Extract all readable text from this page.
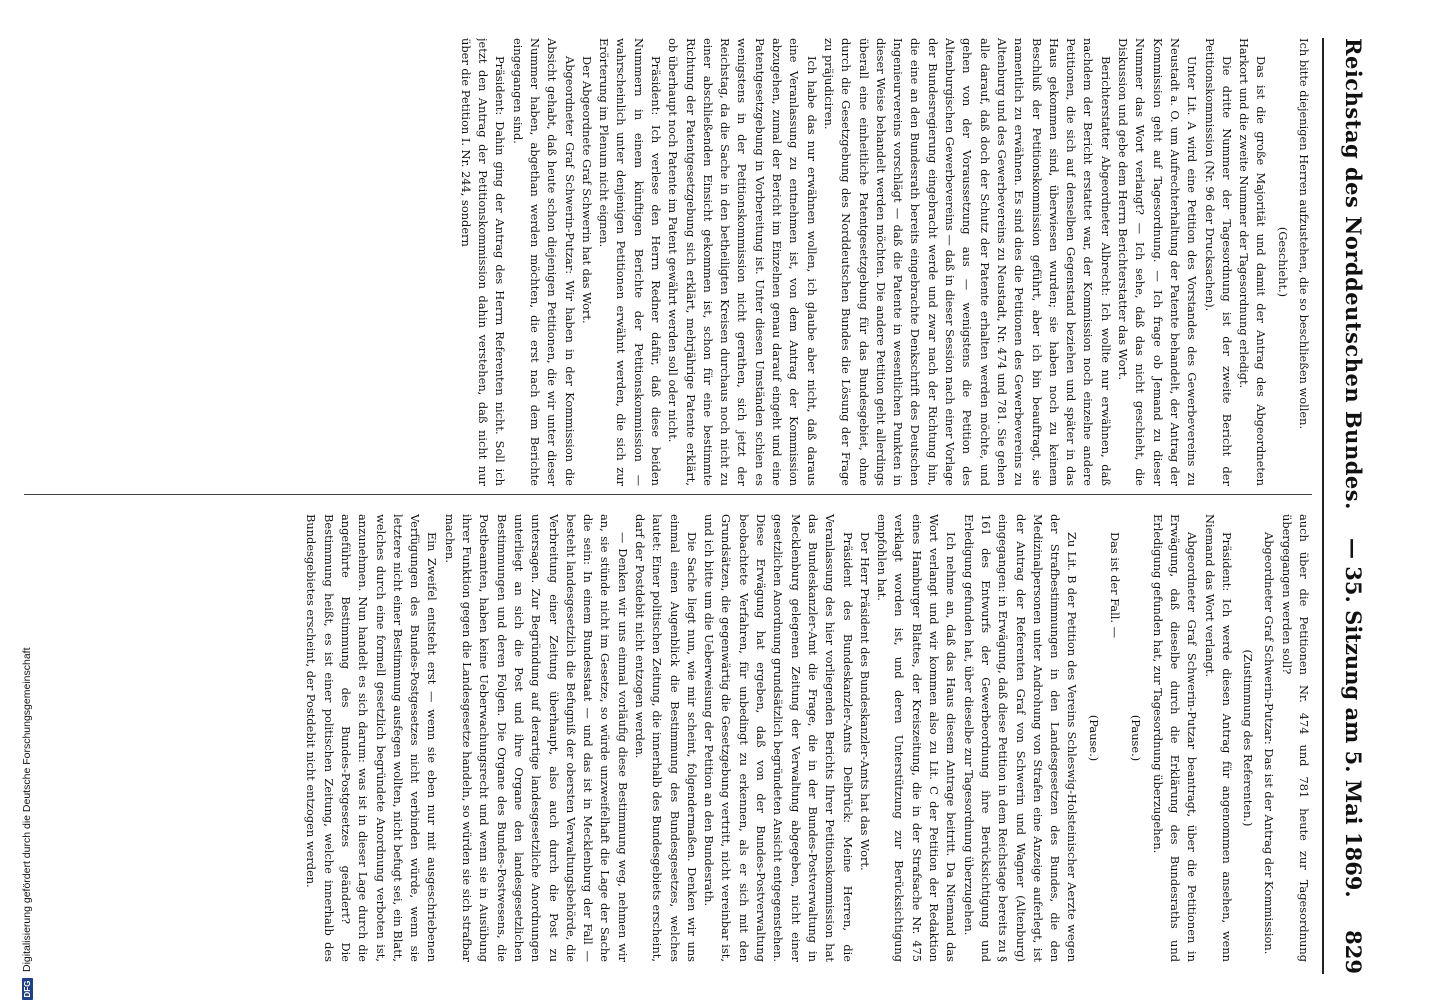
Reichstag des Norddeutschen Bundes.
— 35. Sitzung am 5. Mai 1869.
829

Ich bitte diejenigen Herren aufzustehen, die so beschließen wollen.

(Geschieht.)

Das ist die große Majorität und damit der Antrag des Abgeordneten Harkort und die zweite Nummer der Tagesordnung erledigt.

Die dritte Nummer der Tagesordnung ist der zweite Bericht der Petitionskommission (Nr. 96 der Drucksachen).

Unter Lit. A wird eine Petition des Vorstandes des Gewerbevereins zu Neustadt a. O. um Aufrechterhaltung der Patente behandelt, der Antrag der Kommission geht auf Tagesordnung. — Ich frage ob Jemand zu dieser Nummer das Wort verlangt? — Ich sehe, daß das nicht geschieht, die Diskussion und gebe dem Herrn Berichterstatter das Wort.

Berichterstatter Abgeordneter Albrecht: Ich wollte nur erwähnen, daß nachdem der Bericht erstattet war, der Kommission noch einzelne andere Petitionen, die sich auf denselben Gegenstand beziehen und später in das Haus gekommen sind, überwiesen wurden; sie haben noch zu keinem Beschluß der Petitionskommission geführt, aber ich bin beauftragt, sie namentlich zu erwähnen. Es sind dies die Petitionen des Gewerbevereins zu Altenburg und des Gewerbevereins zu Neustadt, Nr. 474 und 781. Sie gehen alle darauf, daß doch der Schutz der Patente erhalten werden möchte, und gehen von der Voraussetzung aus — wenigstens die Petition des Altenburgischen Gewerbevereins — daß in dieser Session nach einer Vorlage der Bundesregierung eingebracht werde und zwar nach der Richtung hin, die eine an den Bundesrath bereits eingebrachte Denkschrift des Deutschen Ingenieurvereins vorschlägt — daß die Patente in wesentlichen Punkten in dieser Weise behandelt werden möchten. Die andere Petition geht allerdings überall eine einheitliche Patentgesetzgebung für das Bundesgebiet, ohne durch die Gesetzgebung des Norddeutschen Bundes die Lösung der Frage zu präjudiciren.

Ich habe das nur erwähnen wollen, ich glaube aber nicht, daß daraus eine Veranlassung zu entnehmen ist, von dem Antrag der Kommission abzugehen, zumal der Bericht im Einzelnen genau darauf eingeht und eine Patentgesetzgebung in Vorbereitung ist. Unter diesen Umständen schien es wenigstens in der Petitionskommission nicht gerathen, sich jetzt der Reichstag, da die Sache in den betheiligten Kreisen durchaus noch nicht zu einer abschließenden Einsicht gekommen ist, schon für eine bestimmte Richtung der Patentgesetzgebung sich erklärt, mehrjährige Patente erklärt, ob überhaupt noch Patente im Patent gewährt werden soll oder nicht.

Präsident: Ich verlese den Herrn Redner dafür, daß diese beiden Nummern in einem künftigen Berichte der Petitionskommission — wahrscheinlich unter denjenigen Petitionen erwähnt werden, die sich zur Erörterung im Plenum nicht eignen.

Der Abgeordnete Graf Schwerin hat das Wort.

Abgeordneter Graf Schwerin-Putzar: Wir haben in der Kommission die Absicht gehabt, daß heute schon diejenigen Petitionen, die wir unter dieser Nummer haben, abgethan werden möchten, die erst nach dem Berichte eingegangen sind.

Präsident: Dahin ging der Antrag des Herrn Referenten nicht. Soll ich jetzt den Antrag der Petitionskommission dahin verstehen, daß nicht nur über die Petition I. Nr. 244, sondern

auch über die Petitionen Nr. 474 und 781 heute zur Tagesordnung übergegangen werden soll?

Abgeordneter Graf Schwerin-Putzar: Das ist der Antrag der Kommission.

(Zustimmung des Referenten.)

Präsident: Ich werde diesen Antrag für angenommen ansehen, wenn Niemand das Wort verlangt.

Abgeordneter Graf Schwerin-Putzar beantragt, über die Petitionen in Erwägung, daß dieselbe durch die Erklärung des Bundesraths und Erledigung gefunden hat, zur Tagesordnung überzugehen.

(Pause.)

Das ist der Fall. —

(Pause.)

Zu Lit. B der Petition des Vereins Schleswig-Holsteinischer Aerzte wegen der Strafbestimmungen in den Landesgesetzen des Bundes, die den Medizinalpersonen unter Androhung von Strafen eine Anzeige auferlegt, ist der Antrag der Referenten Graf von Schwerin und Wagner (Altenburg) eingegangen: in Erwägung, daß diese Petition in dem Reichstage bereits zu § 161 des Entwurfs der Gewerbeordnung ihre Berücksichtigung und Erledigung gefunden hat, über dieselbe zur Tagesordnung überzugehen.

Ich nehme an, daß das Haus diesem Antrage beitritt. Da Niemand das Wort verlangt und wir kommen also zu Lit. C der Petition der Redaktion eines Hamburger Blattes, der Kreiszeitung, die in der Strafsache Nr. 475 verklagt worden ist, und deren Unterstützung zur Berücksichtigung empfohlen hat.

Der Herr Präsident des Bundeskanzler-Amts hat das Wort.

Präsident des Bundeskanzler-Amts Delbrück: Meine Herren, die Veranlassung des hier vorliegenden Berichts Ihrer Petitionskommission hat das Bundeskanzler-Amt die Frage, die in der Bundes-Postverwaltung in Mecklenburg gelegenen Zeitung der Verwaltung abgegeben, nicht einer gesetzlichen Anordnung grundsätzlich begründeten Ansicht entgegenstehen. Diese Erwägung hat ergeben, daß von der Bundes-Postverwaltung beobachtete Verfahren, für unbedingt zu erkennen, als er sich mit den Grundsätzen, die gegenwärtig die Gesetzgebung vertritt, nicht vereinbar ist, und ich bitte um die Ueberweisung der Petition an den Bundesrath.

Die Sache liegt nun, wie mir scheint, folgendermaßen. Denken wir uns einmal einen Augenblick die Bestimmung des Bundesgesetzes, welches lautet: Einer politischen Zeitung, die innerhalb des Bundesgebiets erscheint, darf der Postdebit nicht entzogen werden.

— Denken wir uns einmal vorläufig diese Bestimmung weg, nehmen wir an, sie stünde nicht im Gesetze, so würde unzweifelhaft die Lage der Sache die sein: In einem Bundesstaat — und das ist in Mecklenburg der Fall — besteht landesgesetzlich die Befugniß der obersten Verwaltungsbehörde, die Verbreitung einer Zeitung überhaupt, also auch durch die Post zu untersagen. Zur Begründung auf derartige landesgesetzliche Anordnungen unterliegt an sich die Post und ihre Organe den landesgesetzlichen Bestimmungen und deren Folgen. Die Organe des Bundes-Postwesens, die Postbeamten, haben keine Ueberwachungsrecht und wenn sie in Ausübung ihrer Funktion gegen die Landesgesetze handeln, so würden sie sich strafbar machen.

Ein Zweifel entsteht erst — wenn sie eben nur mit ausgeschriebenen Verfügungen des Bundes-Postgesetzes nicht verbinden würde, wenn sie letztere nicht einer Bestimmung ausfegen wollten, nicht befugt sei, ein Blatt, welches durch eine formell gesetzlich begründete Anordnung verboten ist, anzunehmen. Nun handelt es sich darum: was ist in dieser Lage durch die angeführte Bestimmung des Bundes-Postgesetzes geändert? Die Bestimmung heißt, es ist einer politischen Zeitung, welche innerhalb des Bundesgebietes erscheint, der Postdebit nicht entzogen werden.

DFG
Digitalisierung gefördert durch die Deutsche Forschungsgemeinschaft
